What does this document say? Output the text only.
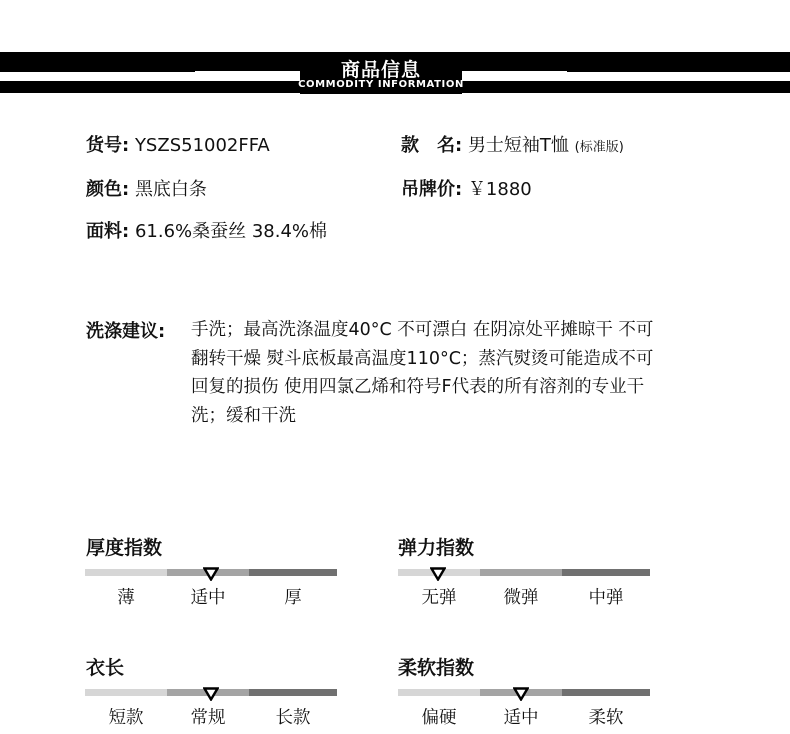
商品信息
COMMODITY INFORMATION
货号: YSZS51002FFA	款　名: 男士短袖T恤 (标准版)
颜色: 黑底白条	吊牌价: ￥1880
面料: 61.6%桑蚕丝 38.4%棉
洗涤建议: 手洗；最高洗涤温度40°C 不可漂白 在阴凉处平摊晾干 不可
翻转干燥 熨斗底板最高温度110°C；蒸汽熨烫可能造成不可
回复的损伤 使用四氯乙烯和符号F代表的所有溶剂的专业干
洗；缓和干洗
厚度指数
薄	适中	厚
弹力指数
无弹	微弹	中弹
衣长
短款	常规	长款
柔软指数
偏硬	适中	柔软
